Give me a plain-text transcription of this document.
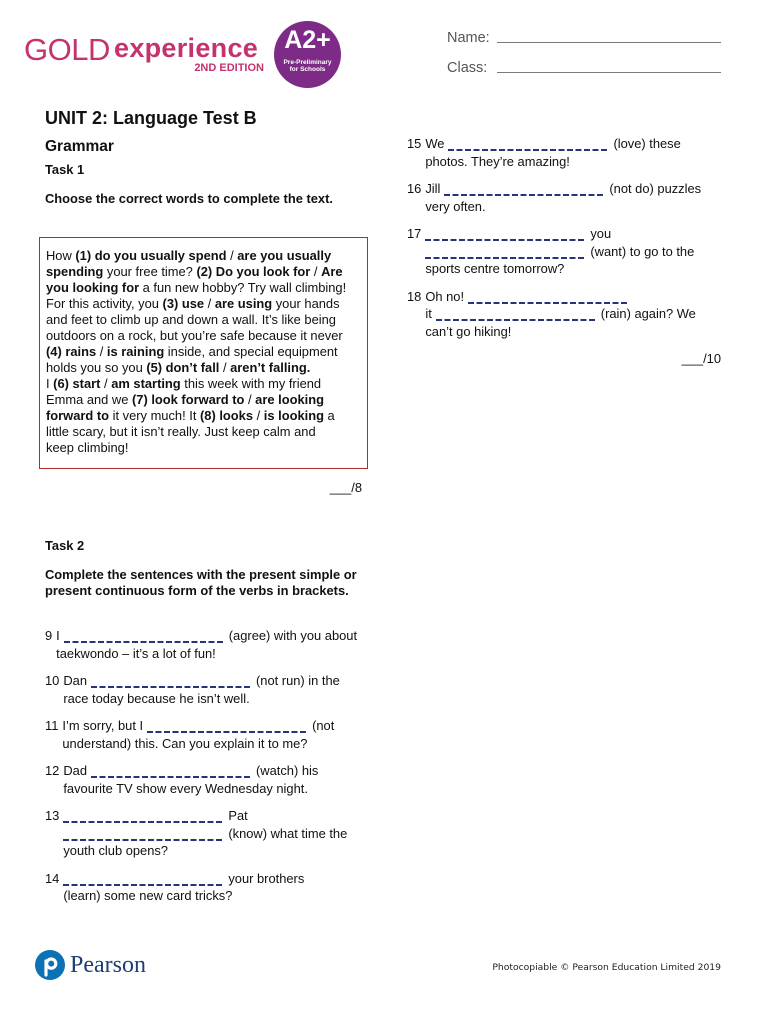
GOLD experience
2ND EDITION
A2+
Pre-Preliminary
for Schools
Name:
Class:
UNIT 2: Language Test B
Grammar
Task 1
Choose the correct words to complete the text.
How (1) do you usually spend / are you usually
spending your free time? (2) Do you look for / Are
you looking for a fun new hobby? Try wall climbing!
For this activity, you (3) use / are using your hands
and feet to climb up and down a wall. It’s like being
outdoors on a rock, but you’re safe because it never
(4) rains / is raining inside, and special equipment
holds you so you (5) don’t fall / aren’t falling.
I (6) start / am starting this week with my friend
Emma and we (7) look forward to / are looking
forward to it very much! It (8) looks / is looking a
little scary, but it isn’t really. Just keep calm and
keep climbing!
___/8
Task 2
Complete the sentences with the present simple or present continuous form of the verbs in brackets.
9 I	(agree) with you about
taekwondo – it’s a lot of fun!
10 Dan	(not run) in the
race today because he isn’t well.
11 I’m sorry, but I	(not
understand) this. Can you explain it to me?
12 Dad	(watch) his
favourite TV show every Wednesday night.
13	Pat
(know) what time the
youth club opens?
14	your brothers
(learn) some new card tricks?
15 We	(love) these
photos. They’re amazing!
16 Jill	(not do) puzzles
very often.
17	you
(want) to go to the
sports centre tomorrow?
18 Oh no!
it	(rain) again? We
can’t go hiking!
___/10
Pearson	Photocopiable © Pearson Education Limited 2019
